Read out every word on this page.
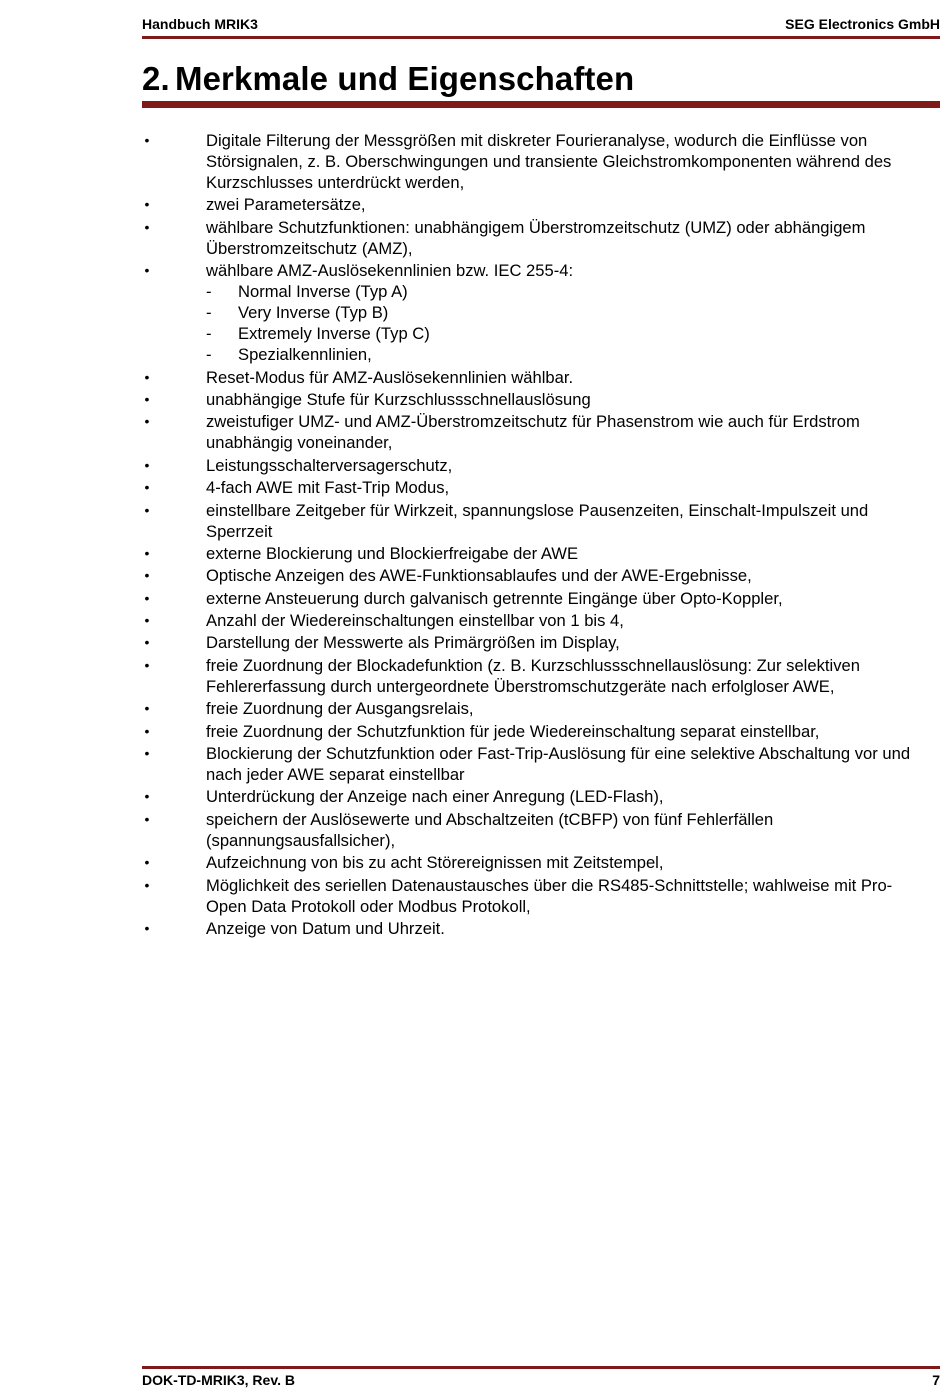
Handbuch MRIK3	SEG Electronics GmbH
2. Merkmale und Eigenschaften
•	Digitale Filterung der Messgrößen mit diskreter Fourieranalyse, wodurch die Einflüsse von Störsignalen, z. B. Oberschwingungen und transiente Gleichstromkomponenten während des Kurzschlusses unterdrückt werden,
•	zwei Parametersätze,
•	wählbare Schutzfunktionen: unabhängigem Überstromzeitschutz (UMZ) oder abhängigem Überstromzeitschutz (AMZ),
•	wählbare AMZ-Auslösekennlinien bzw. IEC 255-4:
- Normal Inverse (Typ A)
- Very Inverse (Typ B)
- Extremely Inverse (Typ C)
- Spezialkennlinien,
•	Reset-Modus für AMZ-Auslösekennlinien wählbar.
•	unabhängige Stufe für Kurzschlussschnellauslösung
•	zweistufiger UMZ- und AMZ-Überstromzeitschutz für Phasenstrom wie auch für Erdstrom unabhängig voneinander,
•	Leistungsschalterversagerschutz,
•	4-fach AWE mit Fast-Trip Modus,
•	einstellbare Zeitgeber für Wirkzeit, spannungslose Pausenzeiten, Einschalt-Impulszeit und Sperrzeit
•	externe Blockierung und Blockierfreigabe der AWE
•	Optische Anzeigen des AWE-Funktionsablaufes und der AWE-Ergebnisse,
•	externe Ansteuerung durch galvanisch getrennte Eingänge über Opto-Koppler,
•	Anzahl der Wiedereinschaltungen einstellbar von 1 bis 4,
•	Darstellung der Messwerte als Primärgrößen im Display,
•	freie Zuordnung der Blockadefunktion (z. B. Kurzschlussschnellauslösung: Zur selektiven Fehlererfassung durch untergeordnete Überstromschutzgeräte nach erfolgloser AWE,
•	freie Zuordnung der Ausgangsrelais,
•	freie Zuordnung der Schutzfunktion für jede Wiedereinschaltung separat einstellbar,
•	Blockierung der Schutzfunktion oder Fast-Trip-Auslösung für eine selektive Abschaltung vor und nach jeder AWE separat einstellbar
•	Unterdrückung der Anzeige nach einer Anregung (LED-Flash),
•	speichern der Auslösewerte und Abschaltzeiten (tCBFP) von fünf Fehlerfällen (spannungsausfallsicher),
•	Aufzeichnung von bis zu acht Störereignissen mit Zeitstempel,
•	Möglichkeit des seriellen Datenaustausches über die RS485-Schnittstelle; wahlweise mit Pro-Open Data Protokoll oder Modbus Protokoll,
•	Anzeige von Datum und Uhrzeit.
DOK-TD-MRIK3, Rev. B	7
